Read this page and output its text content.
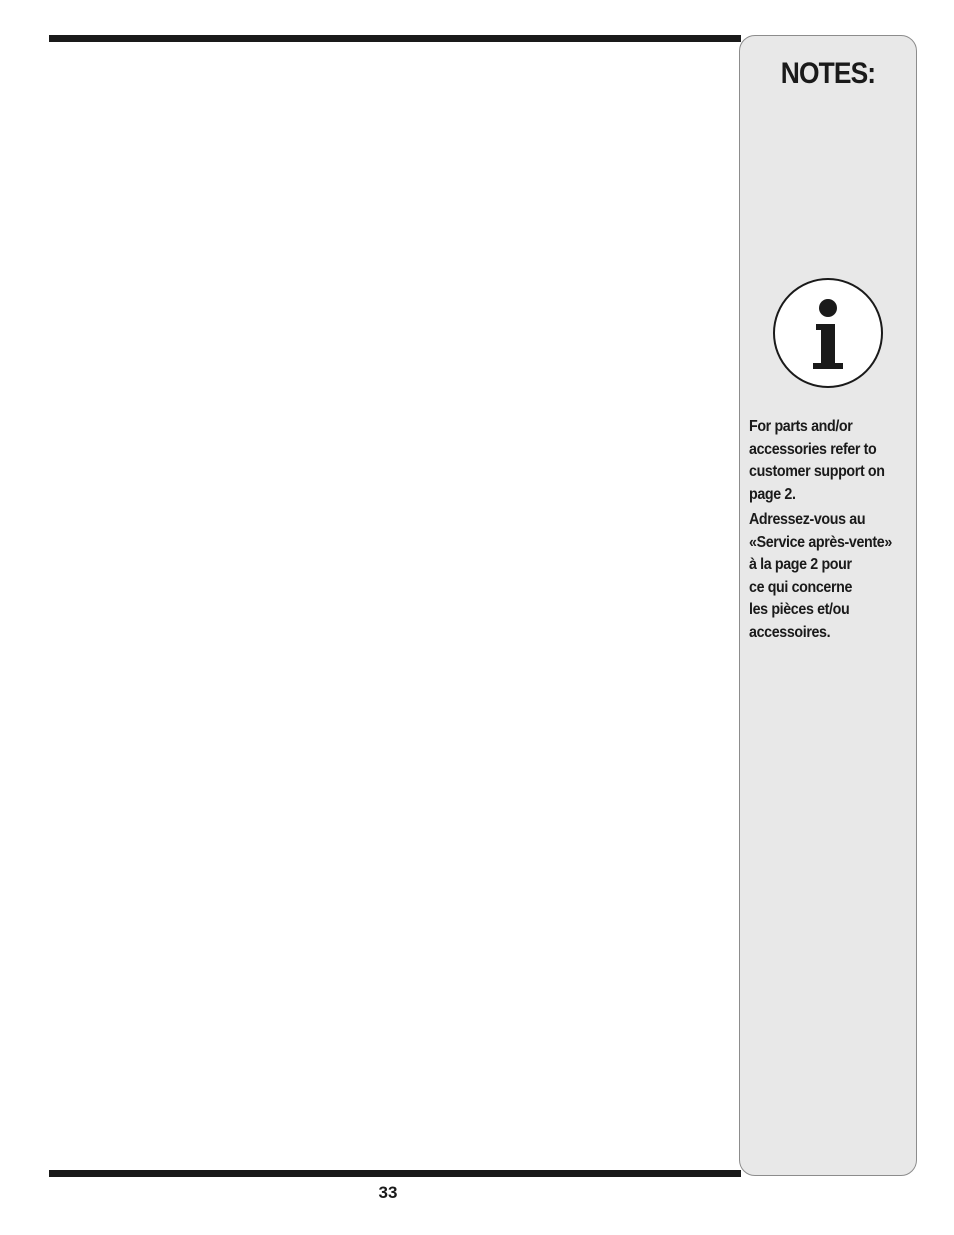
NOTES:

For parts and/or
accessories refer to
customer support on
page 2.

Adressez-vous au
«Service après-vente»
à la page 2 pour
ce qui concerne
les pièces et/ou
accessoires.

33
